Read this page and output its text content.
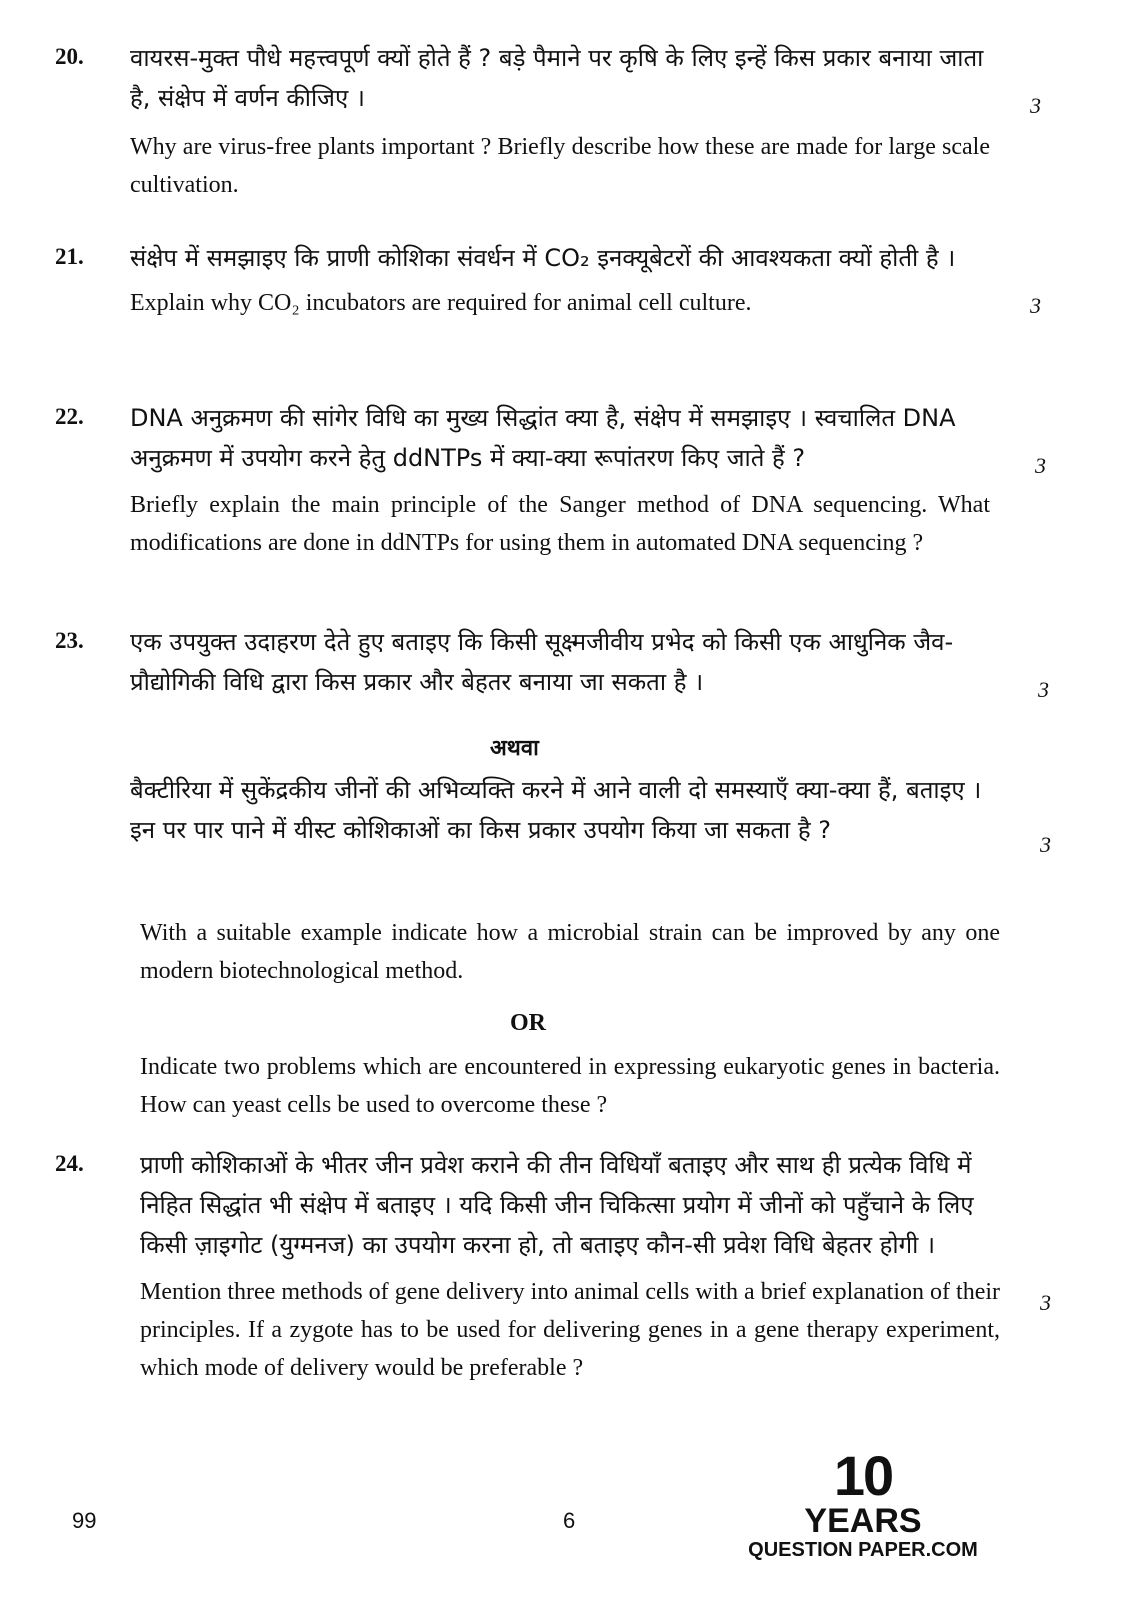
20. वायरस-मुक्त पौधे महत्त्वपूर्ण क्यों होते हैं ? बड़े पैमाने पर कृषि के लिए इन्हें किस प्रकार बनाया जाता है, संक्षेप में वर्णन कीजिए ।

Why are virus-free plants important ? Briefly describe how these are made for large scale cultivation.

3
21. संक्षेप में समझाइए कि प्राणी कोशिका संवर्धन में CO₂ इनक्यूबेटरों की आवश्यकता क्यों होती है ।

Explain why CO₂ incubators are required for animal cell culture.	3
22. DNA अनुक्रमण की सांगेर विधि का मुख्य सिद्धांत क्या है, संक्षेप में समझाइए । स्वचालित DNA अनुक्रमण में उपयोग करने हेतु ddNTPs में क्या-क्या रूपांतरण किए जाते हैं ?

Briefly explain the main principle of the Sanger method of DNA sequencing. What modifications are done in ddNTPs for using them in automated DNA sequencing ?

3
23. एक उपयुक्त उदाहरण देते हुए बताइए कि किसी सूक्ष्मजीवीय प्रभेद को किसी एक आधुनिक जैव-प्रौद्योगिकी विधि द्वारा किस प्रकार और बेहतर बनाया जा सकता है ।	3
अथवा

बैक्टीरिया में सुकेंद्रकीय जीनों की अभिव्यक्ति करने में आने वाली दो समस्याएँ क्या-क्या हैं, बताइए । इन पर पार पाने में यीस्ट कोशिकाओं का किस प्रकार उपयोग किया जा सकता है ?

3

With a suitable example indicate how a microbial strain can be improved by any one modern biotechnological method.

OR

Indicate two problems which are encountered in expressing eukaryotic genes in bacteria. How can yeast cells be used to overcome these ?

24. प्राणी कोशिकाओं के भीतर जीन प्रवेश कराने की तीन विधियाँ बताइए और साथ ही प्रत्येक विधि में निहित सिद्धांत भी संक्षेप में बताइए । यदि किसी जीन चिकित्सा प्रयोग में जीनों को पहुँचाने के लिए किसी ज़ाइगोट (युग्मनज) का उपयोग करना हो, तो बताइए कौन-सी प्रवेश विधि बेहतर होगी ।

Mention three methods of gene delivery into animal cells with a brief explanation of their principles. If a zygote has to be used for delivering genes in a gene therapy experiment, which mode of delivery would be preferable ?

3
99	6
10
YEARS
QUESTION PAPER.COM
